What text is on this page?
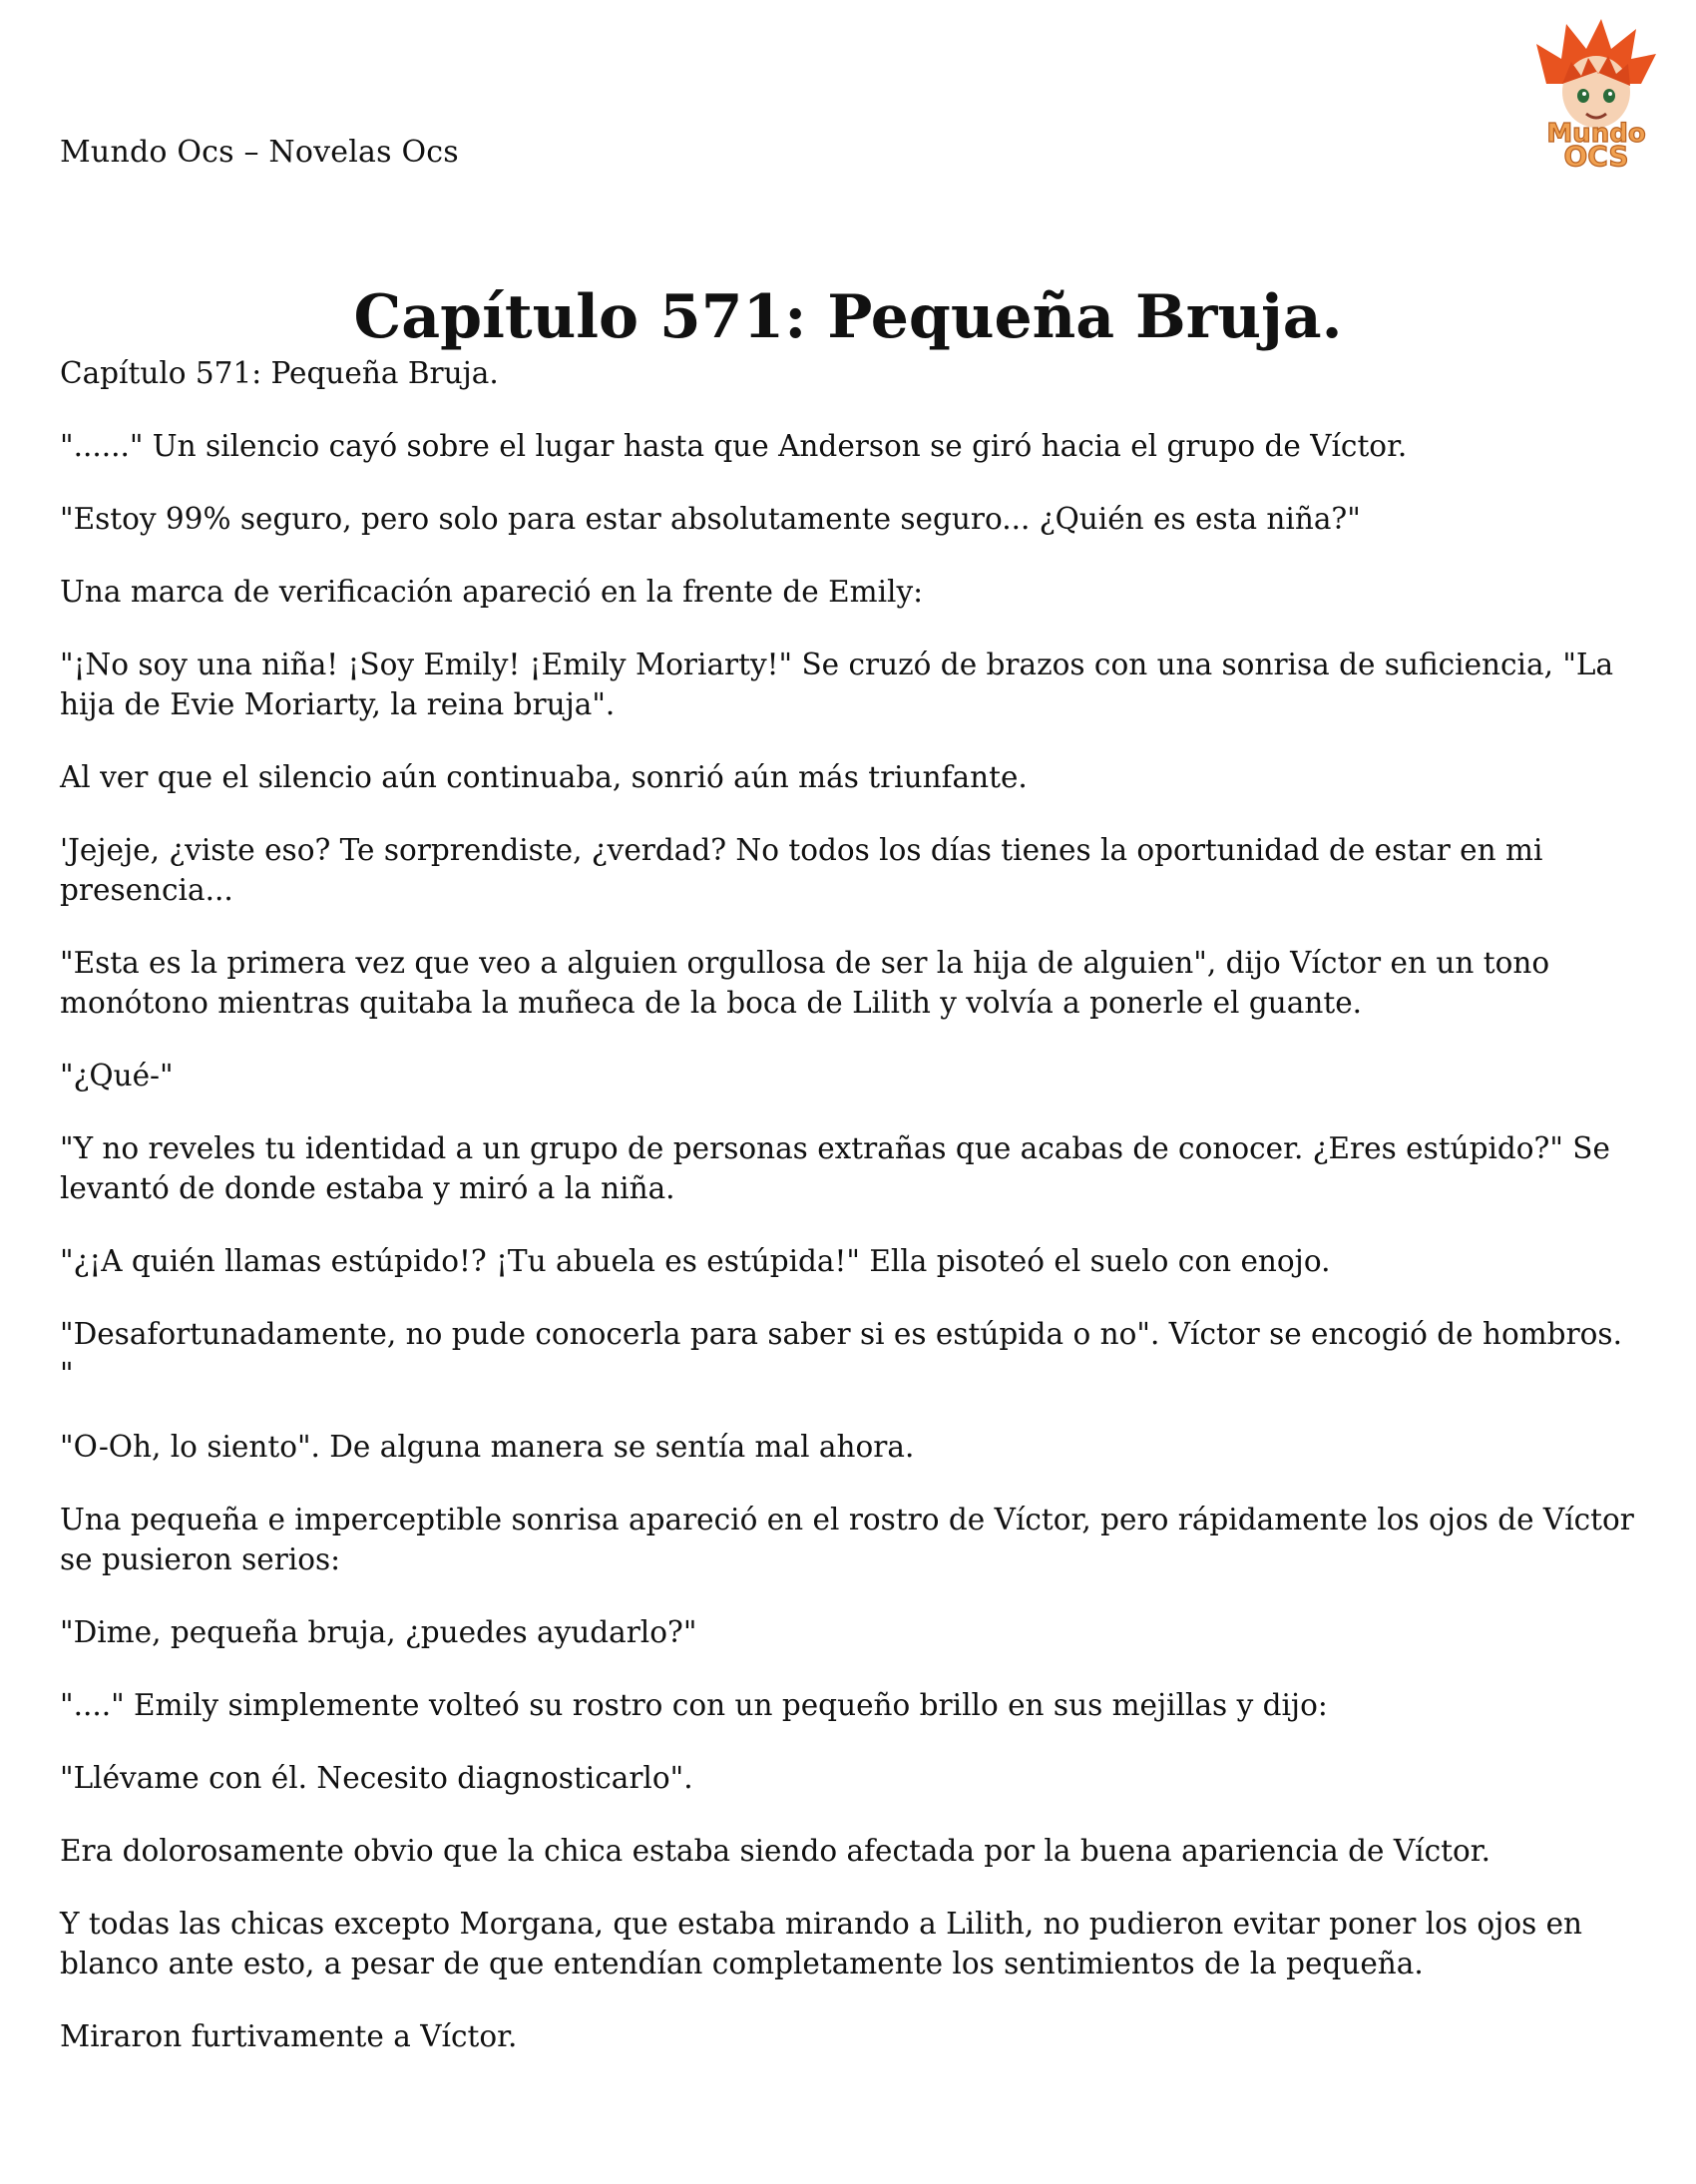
Mundo Ocs – Novelas Ocs
Mundo
OCS
Capítulo 571: Pequeña Bruja.

Capítulo 571: Pequeña Bruja.

"......" Un silencio cayó sobre el lugar hasta que Anderson se giró hacia el grupo de Víctor.

"Estoy 99% seguro, pero solo para estar absolutamente seguro... ¿Quién es esta niña?"

Una marca de verificación apareció en la frente de Emily:

"¡No soy una niña! ¡Soy Emily! ¡Emily Moriarty!" Se cruzó de brazos con una sonrisa de suficiencia, "La hija de Evie Moriarty, la reina bruja".

Al ver que el silencio aún continuaba, sonrió aún más triunfante.

'Jejeje, ¿viste eso? Te sorprendiste, ¿verdad? No todos los días tienes la oportunidad de estar en mi presencia...

"Esta es la primera vez que veo a alguien orgullosa de ser la hija de alguien", dijo Víctor en un tono monótono mientras quitaba la muñeca de la boca de Lilith y volvía a ponerle el guante.

"¿Qué-"

"Y no reveles tu identidad a un grupo de personas extrañas que acabas de conocer. ¿Eres estúpido?" Se levantó de donde estaba y miró a la niña.

"¿¡A quién llamas estúpido!? ¡Tu abuela es estúpida!" Ella pisoteó el suelo con enojo.

"Desafortunadamente, no pude conocerla para saber si es estúpida o no". Víctor se encogió de hombros. "

"O-Oh, lo siento". De alguna manera se sentía mal ahora.

Una pequeña e imperceptible sonrisa apareció en el rostro de Víctor, pero rápidamente los ojos de Víctor se pusieron serios:

"Dime, pequeña bruja, ¿puedes ayudarlo?"

"...." Emily simplemente volteó su rostro con un pequeño brillo en sus mejillas y dijo:

"Llévame con él. Necesito diagnosticarlo".

Era dolorosamente obvio que la chica estaba siendo afectada por la buena apariencia de Víctor.

Y todas las chicas excepto Morgana, que estaba mirando a Lilith, no pudieron evitar poner los ojos en blanco ante esto, a pesar de que entendían completamente los sentimientos de la pequeña.

Miraron furtivamente a Víctor.
